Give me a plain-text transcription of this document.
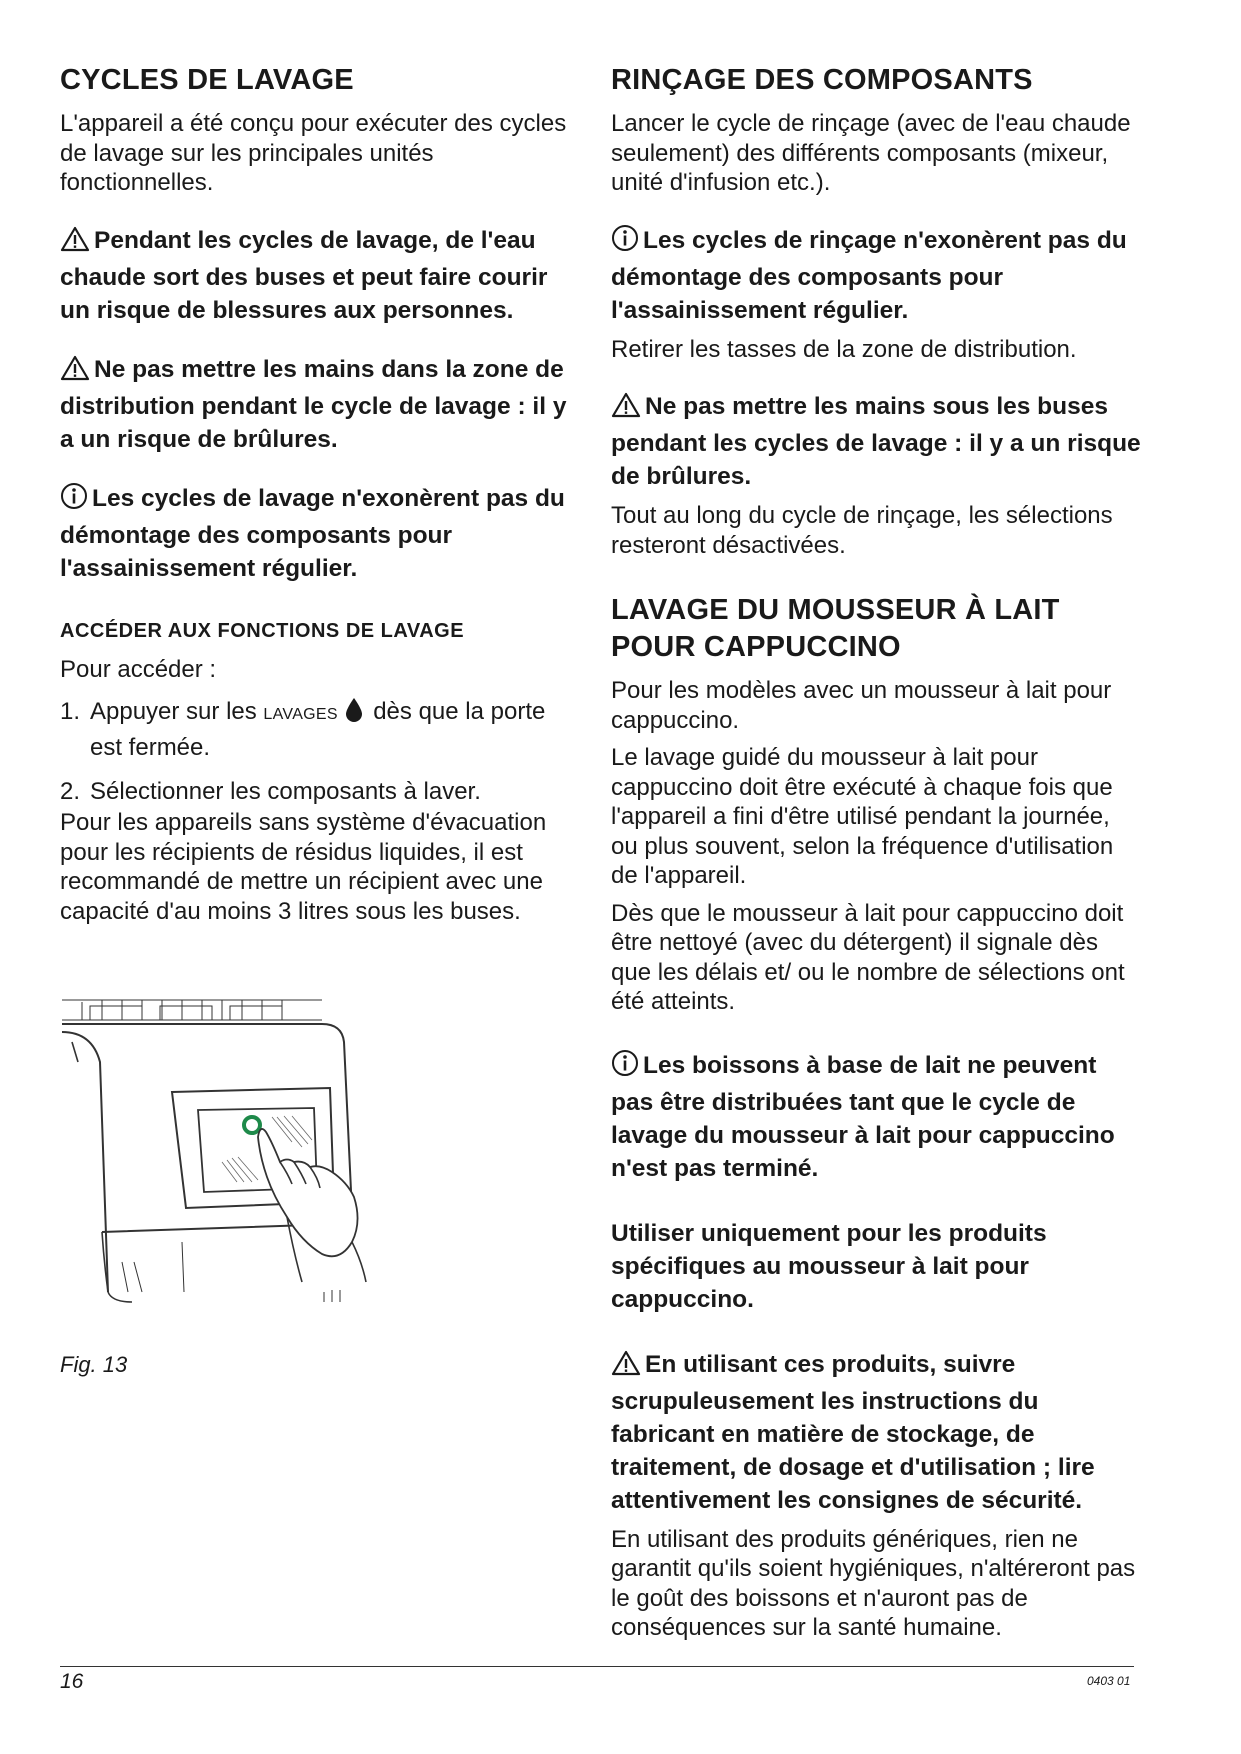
CYCLES DE LAVAGE

L'appareil a été conçu pour exécuter des cycles de lavage sur les principales unités fonctionnelles.

Pendant les cycles de lavage, de l'eau chaude sort des buses et peut faire courir un risque de blessures aux personnes.

Ne pas mettre les mains dans la zone de distribution pendant le cycle de lavage : il y a un risque de brûlures.

Les cycles de lavage n'exonèrent pas du démontage des composants pour l'assainissement régulier.

ACCÉDER AUX FONCTIONS DE LAVAGE

Pour accéder :

1. Appuyer sur les LAVAGES dès que la porte est fermée.
2. Sélectionner les composants à laver.

Pour les appareils sans système d'évacuation pour les récipients de résidus liquides, il est recommandé de mettre un récipient avec une capacité d'au moins 3 litres sous les buses.

Fig. 13
RINÇAGE DES COMPOSANTS

Lancer le cycle de rinçage (avec de l'eau chaude seulement) des différents composants (mixeur, unité d'infusion etc.).

Les cycles de rinçage n'exonèrent pas du démontage des composants pour l'assainissement régulier.

Retirer les tasses de la zone de distribution.

Ne pas mettre les mains sous les buses pendant les cycles de lavage : il y a un risque de brûlures.

Tout au long du cycle de rinçage, les sélections resteront désactivées.

LAVAGE DU MOUSSEUR À LAIT POUR CAPPUCCINO

Pour les modèles avec un mousseur à lait pour cappuccino.

Le lavage guidé du mousseur à lait pour cappuccino doit être exécuté à chaque fois que l'appareil a fini d'être utilisé pendant la journée, ou plus souvent, selon la fréquence d'utilisation de l'appareil.

Dès que le mousseur à lait pour cappuccino doit être nettoyé (avec du détergent) il signale dès que les délais et/ ou le nombre de sélections ont été atteints.

Les boissons à base de lait ne peuvent pas être distribuées tant que le cycle de lavage du mousseur à lait pour cappuccino n'est pas terminé.

Utiliser uniquement pour les produits spécifiques au mousseur à lait pour cappuccino.

En utilisant ces produits, suivre scrupuleusement les instructions du fabricant en matière de stockage, de traitement, de dosage et d'utilisation ; lire attentivement les consignes de sécurité.

En utilisant des produits génériques, rien ne garantit qu'ils soient hygiéniques, n'altéreront pas le goût des boissons et n'auront pas de conséquences sur la santé humaine.

16	0403 01
